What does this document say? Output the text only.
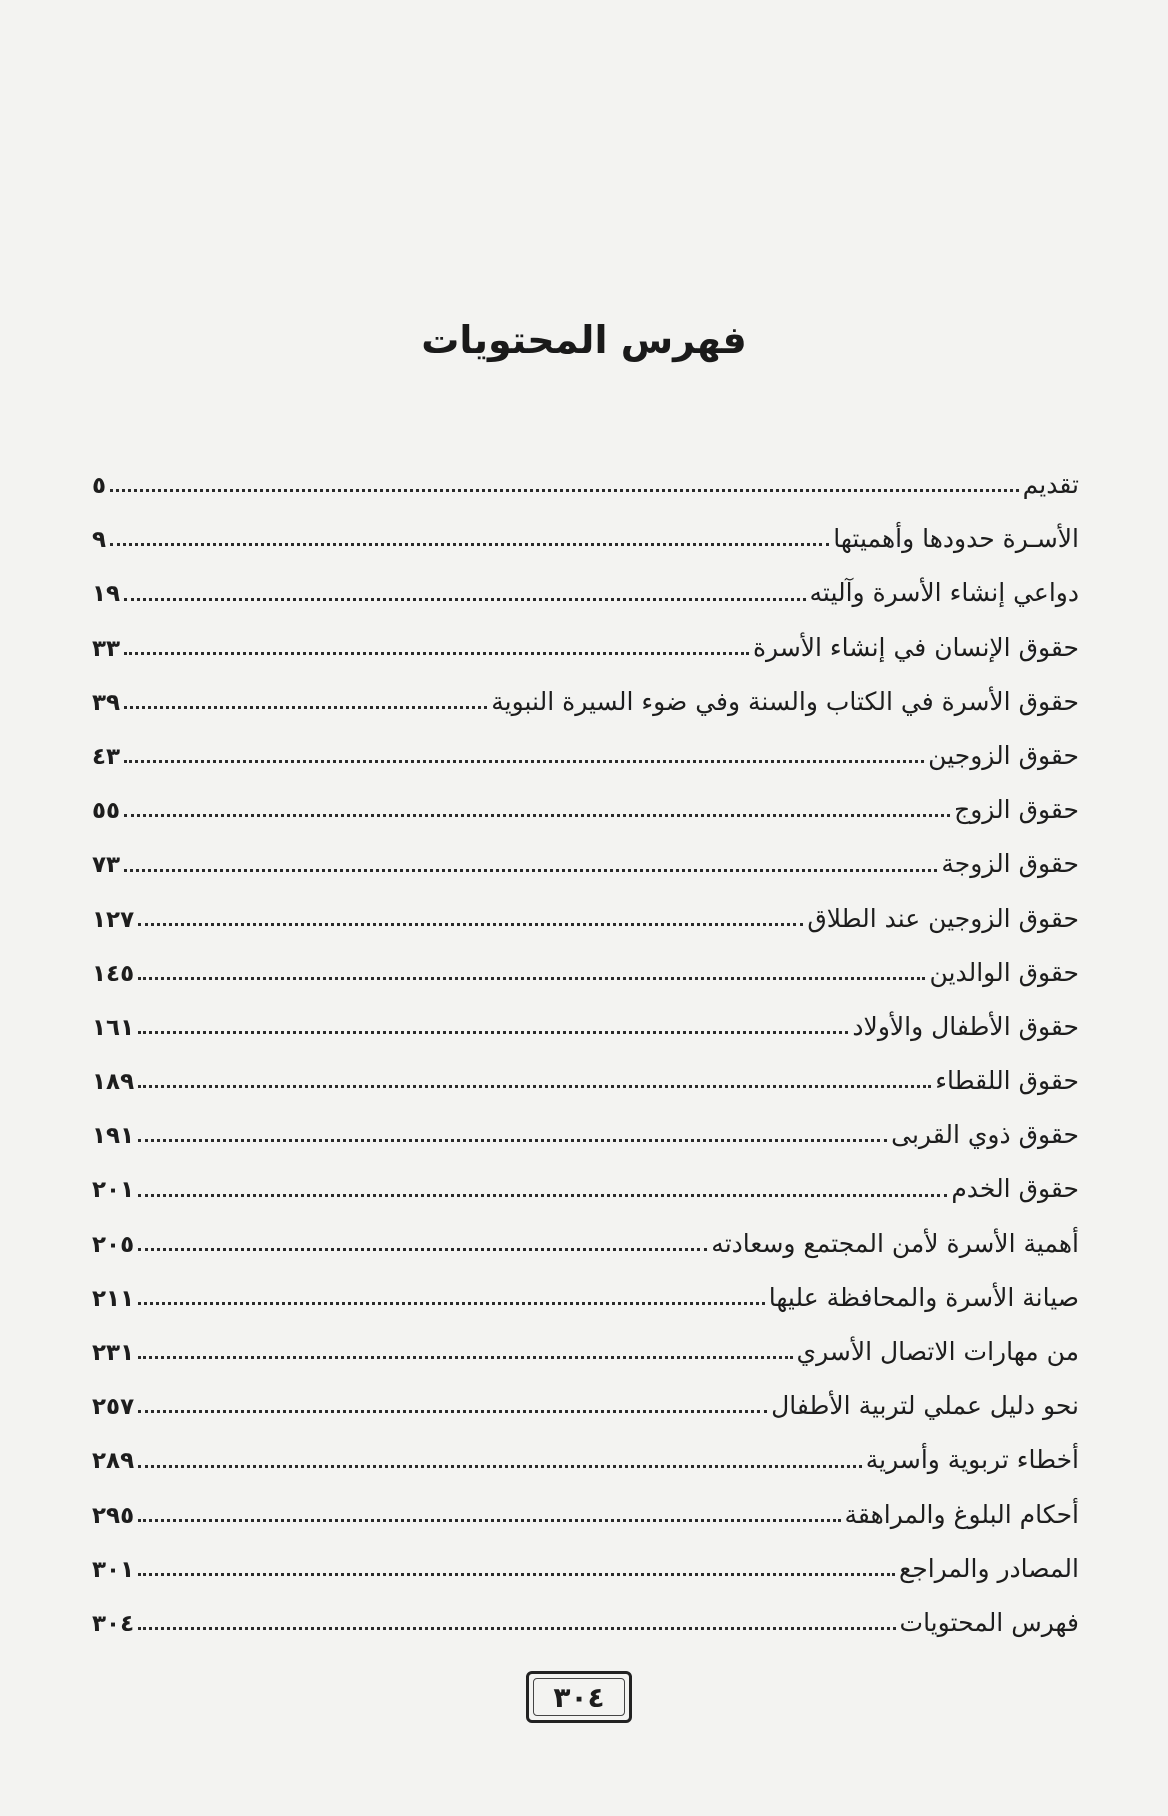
فهرس المحتويات
تقديم
٥
الأسـرة حدودها وأهميتها
٩
دواعي إنشاء الأسرة وآليته
١٩
حقوق الإنسان في إنشاء الأسرة
٣٣
حقوق الأسرة في الكتاب والسنة وفي ضوء السيرة النبوية
٣٩
حقوق الزوجين
٤٣
حقوق الزوج
٥٥
حقوق الزوجة
٧٣
حقوق الزوجين عند الطلاق
١٢٧
حقوق الوالدين
١٤٥
حقوق الأطفال والأولاد
١٦١
حقوق اللقطاء
١٨٩
حقوق ذوي القربى
١٩١
حقوق الخدم
٢٠١
أهمية الأسرة لأمن المجتمع وسعادته
٢٠٥
صيانة الأسرة والمحافظة عليها
٢١١
من مهارات الاتصال الأسري
٢٣١
نحو دليل عملي لتربية الأطفال
٢٥٧
أخطاء تربوية وأسرية
٢٨٩
أحكام البلوغ والمراهقة
٢٩٥
المصادر والمراجع
٣٠١
فهرس المحتويات
٣٠٤
٣٠٤
